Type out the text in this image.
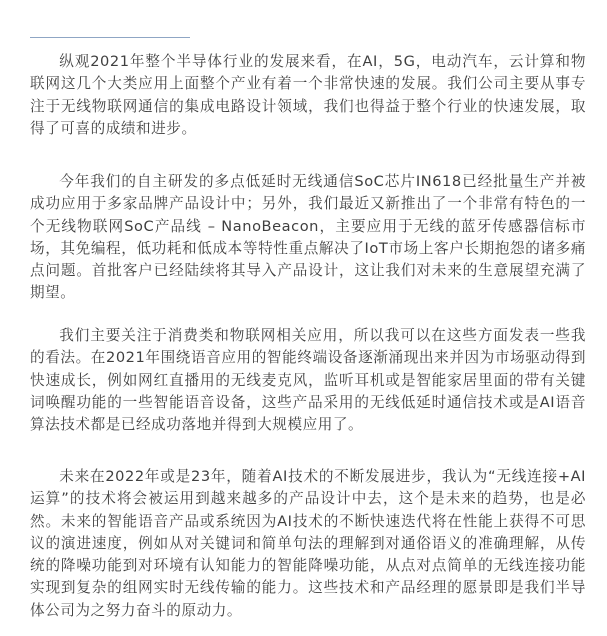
纵观2021年整个半导体行业的发展来看，在AI，5G，电动汽车，云计算和物联网这几个大类应用上面整个产业有着一个非常快速的发展。我们公司主要从事专注于无线物联网通信的集成电路设计领域，我们也得益于整个行业的快速发展，取得了可喜的成绩和进步。

今年我们的自主研发的多点低延时无线通信SoC芯片IN618已经批量生产并被成功应用于多家品牌产品设计中；另外，我们最近又新推出了一个非常有特色的一个无线物联网SoC产品线 – NanoBeacon，主要应用于无线的蓝牙传感器信标市场，其免编程，低功耗和低成本等特性重点解决了IoT市场上客户长期抱怨的诸多痛点问题。首批客户已经陆续将其导入产品设计，这让我们对未来的生意展望充满了期望。

我们主要关注于消费类和物联网相关应用，所以我可以在这些方面发表一些我的看法。在2021年围绕语音应用的智能终端设备逐渐涌现出来并因为市场驱动得到快速成长，例如网红直播用的无线麦克风，监听耳机或是智能家居里面的带有关键词唤醒功能的一些智能语音设备，这些产品采用的无线低延时通信技术或是AI语音算法技术都是已经成功落地并得到大规模应用了。

未来在2022年或是23年，随着AI技术的不断发展进步，我认为“无线连接+AI运算”的技术将会被运用到越来越多的产品设计中去，这个是未来的趋势，也是必然。未来的智能语音产品或系统因为AI技术的不断快速迭代将在性能上获得不可思议的演进速度，例如从对关键词和简单句法的理解到对通俗语义的准确理解，从传统的降噪功能到对环境有认知能力的智能降噪功能，从点对点简单的无线连接功能实现到复杂的组网实时无线传输的能力。这些技术和产品经理的愿景即是我们半导体公司为之努力奋斗的原动力。
